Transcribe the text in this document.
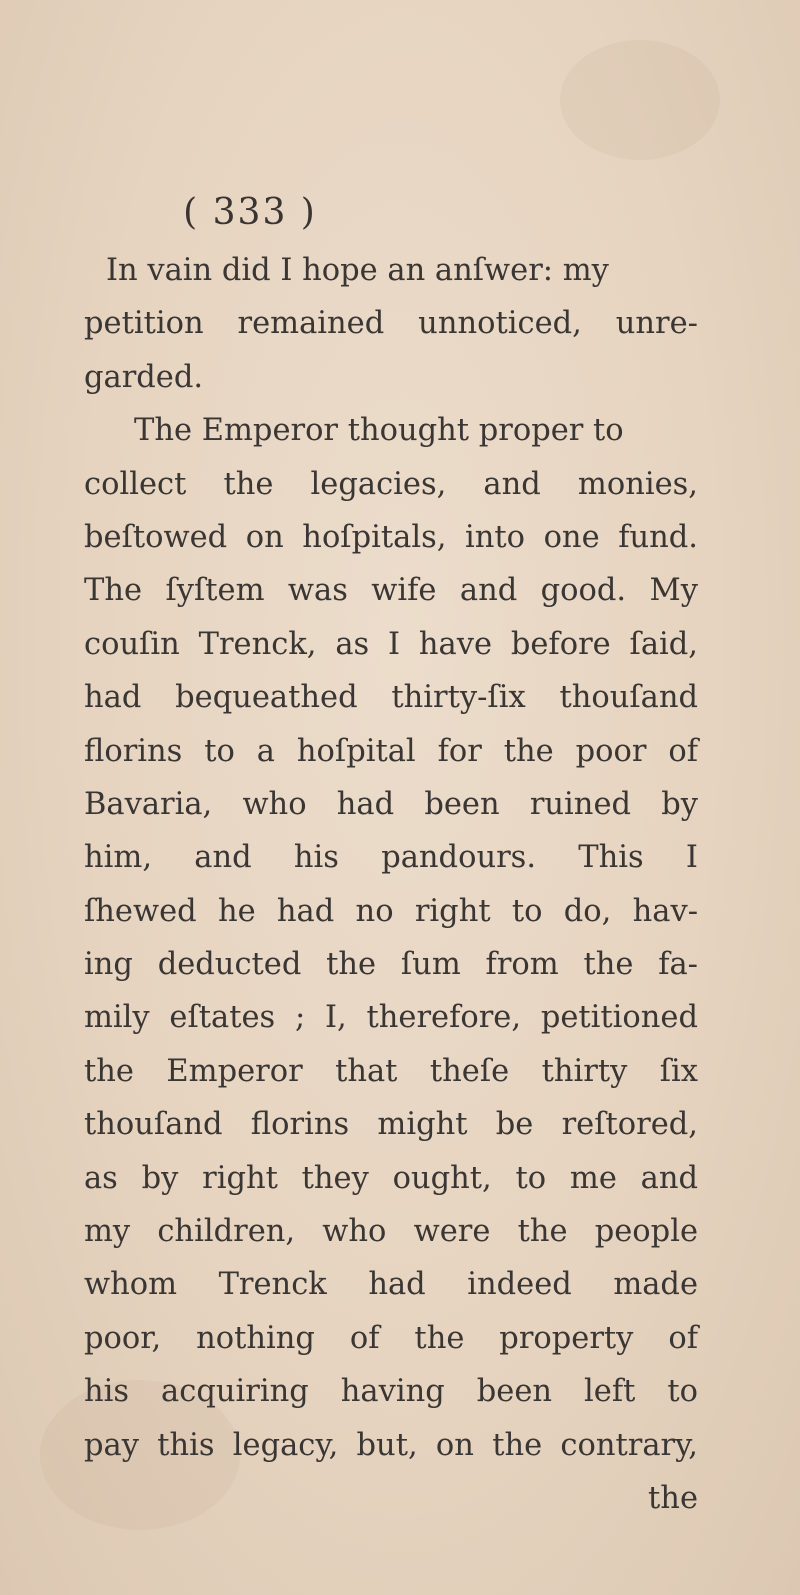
( 333 )
In vain did I hope an anſwer: my
petition remained unnoticed, unre-
garded.
The Emperor thought proper to
collect the legacies, and monies,
beſtowed on hoſpitals, into one fund.
The ſyſtem was wife and good. My
couſin Trenck, as I have before ſaid,
had bequeathed thirty-ſix thouſand
florins to a hoſpital for the poor of
Bavaria, who had been ruined by
him, and his pandours. This I
ſhewed he had no right to do, hav-
ing deducted the ſum from the fa-
mily eſtates ; I, therefore, petitioned
the Emperor that theſe thirty ſix
thouſand florins might be reſtored,
as by right they ought, to me and
my children, who were the people
whom Trenck had indeed made
poor, nothing of the property of
his acquiring having been left to
pay this legacy, but, on the contrary,
the
